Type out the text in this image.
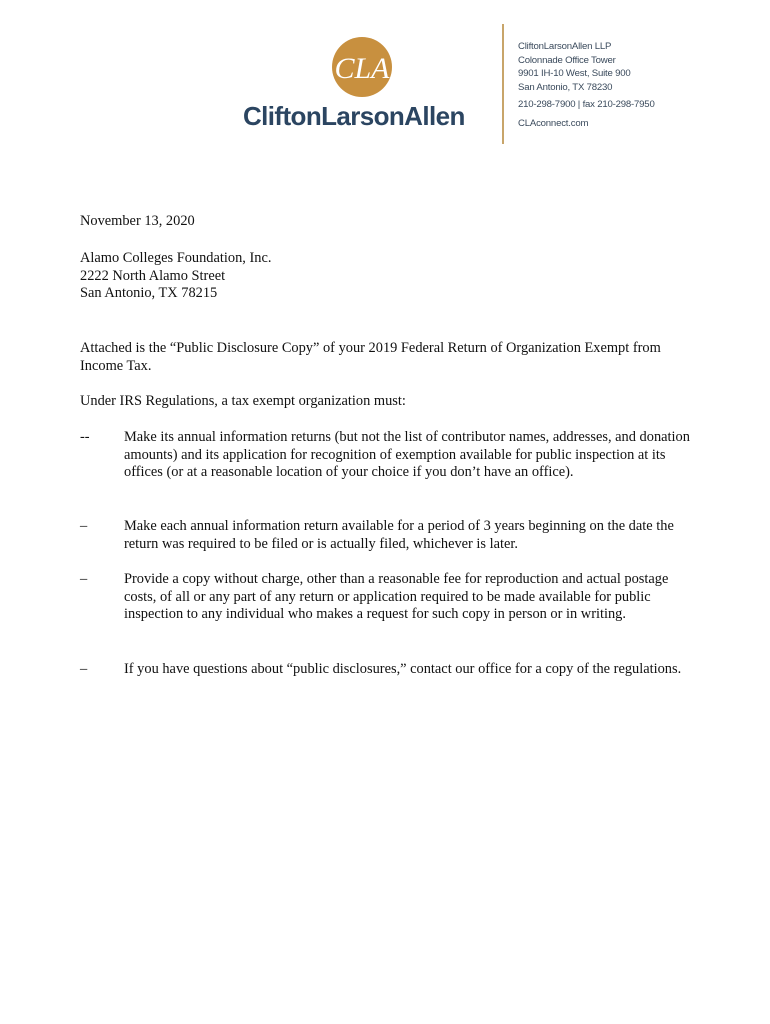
CLA
CliftonLarsonAllen
CliftonLarsonAllen LLP
Colonnade Office Tower
9901 IH-10 West, Suite 900
San Antonio, TX 78230
210-298-7900 | fax 210-298-7950
CLAconnect.com
November 13, 2020
Alamo Colleges Foundation, Inc.
2222 North Alamo Street
San Antonio, TX 78215
Attached is the “Public Disclosure Copy” of your 2019 Federal Return of Organization Exempt from Income Tax.
Under IRS Regulations, a tax exempt organization must:
-- Make its annual information returns (but not the list of contributor names, addresses, and donation amounts) and its application for recognition of exemption available for public inspection at its offices (or at a reasonable location of your choice if you don’t have an office).
–	Make each annual information return available for a period of 3 years beginning on the date the return was required to be filed or is actually filed, whichever is later.
–	Provide a copy without charge, other than a reasonable fee for reproduction and actual postage costs, of all or any part of any return or application required to be made available for public inspection to any individual who makes a request for such copy in person or in writing.
–	If you have questions about “public disclosures,” contact our office for a copy of the regulations.
